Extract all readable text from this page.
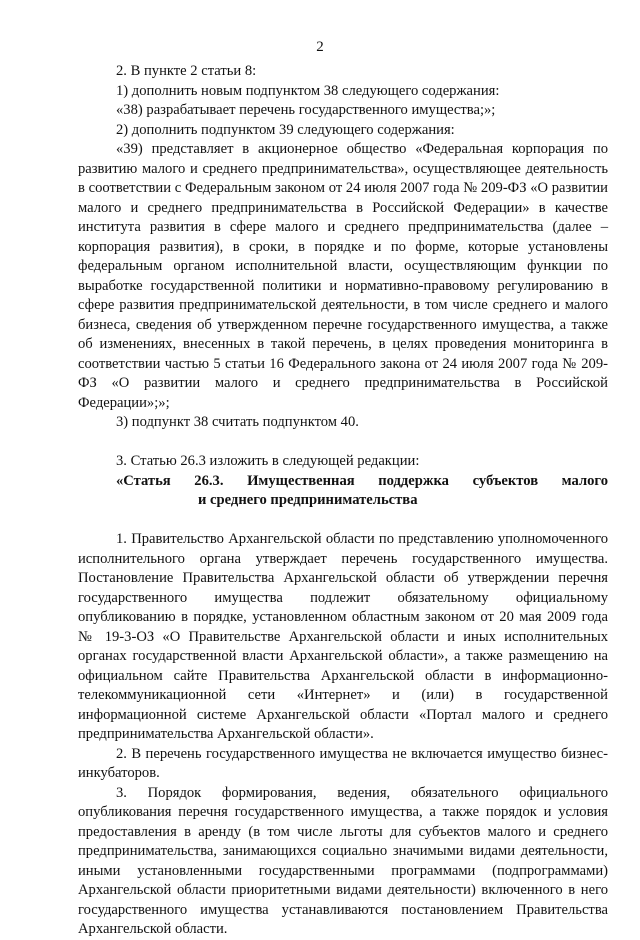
2

2. В пункте 2 статьи 8:

1) дополнить новым подпунктом 38 следующего содержания:

«38) разрабатывает перечень государственного имущества;»;

2) дополнить подпунктом 39 следующего содержания:

«39) представляет в акционерное общество «Федеральная корпорация по развитию малого и среднего предпринимательства», осуществляющее деятельность в соответствии с Федеральным законом от 24 июля 2007 года № 209-ФЗ «О развитии малого и среднего предпринимательства в Российской Федерации» в качестве института развития в сфере малого и среднего предпринимательства (далее – корпорация развития), в сроки, в порядке и по форме, которые установлены федеральным органом исполнительной власти, осуществляющим функции по выработке государственной политики и нормативно-правовому регулированию в сфере развития предпринимательской деятельности, в том числе среднего и малого бизнеса, сведения об утвержденном перечне государственного имущества, а также об изменениях, внесенных в такой перечень, в целях проведения мониторинга в соответствии частью 5 статьи 16 Федерального закона от 24 июля 2007 года № 209-ФЗ «О развитии малого и среднего предпринимательства в Российской Федерации»;»;

3) подпункт 38 считать подпунктом 40.

3. Статью 26.3 изложить в следующей редакции:

«Статья 26.3. Имущественная поддержка субъектов малого

и среднего предпринимательства

1. Правительство Архангельской области по представлению уполномоченного исполнительного органа утверждает перечень государственного имущества. Постановление Правительства Архангельской области об утверждении перечня государственного имущества подлежит обязательному официальному опубликованию в порядке, установленном областным законом от 20 мая 2009 года № 19-3-ОЗ «О Правительстве Архангельской области и иных исполнительных органах государственной власти Архангельской области», а также размещению на официальном сайте Правительства Архангельской области в информационно-телекоммуникационной сети «Интернет» и (или) в государственной информационной системе Архангельской области «Портал малого и среднего предпринимательства Архангельской области».

2. В перечень государственного имущества не включается имущество бизнес-инкубаторов.

3. Порядок формирования, ведения, обязательного официального опубликования перечня государственного имущества, а также порядок и условия предоставления в аренду (в том числе льготы для субъектов малого и среднего предпринимательства, занимающихся социально значимыми видами деятельности, иными установленными государственными программами (подпрограммами) Архангельской области приоритетными видами деятельности) включенного в него государственного имущества устанавливаются постановлением Правительства Архангельской области.
